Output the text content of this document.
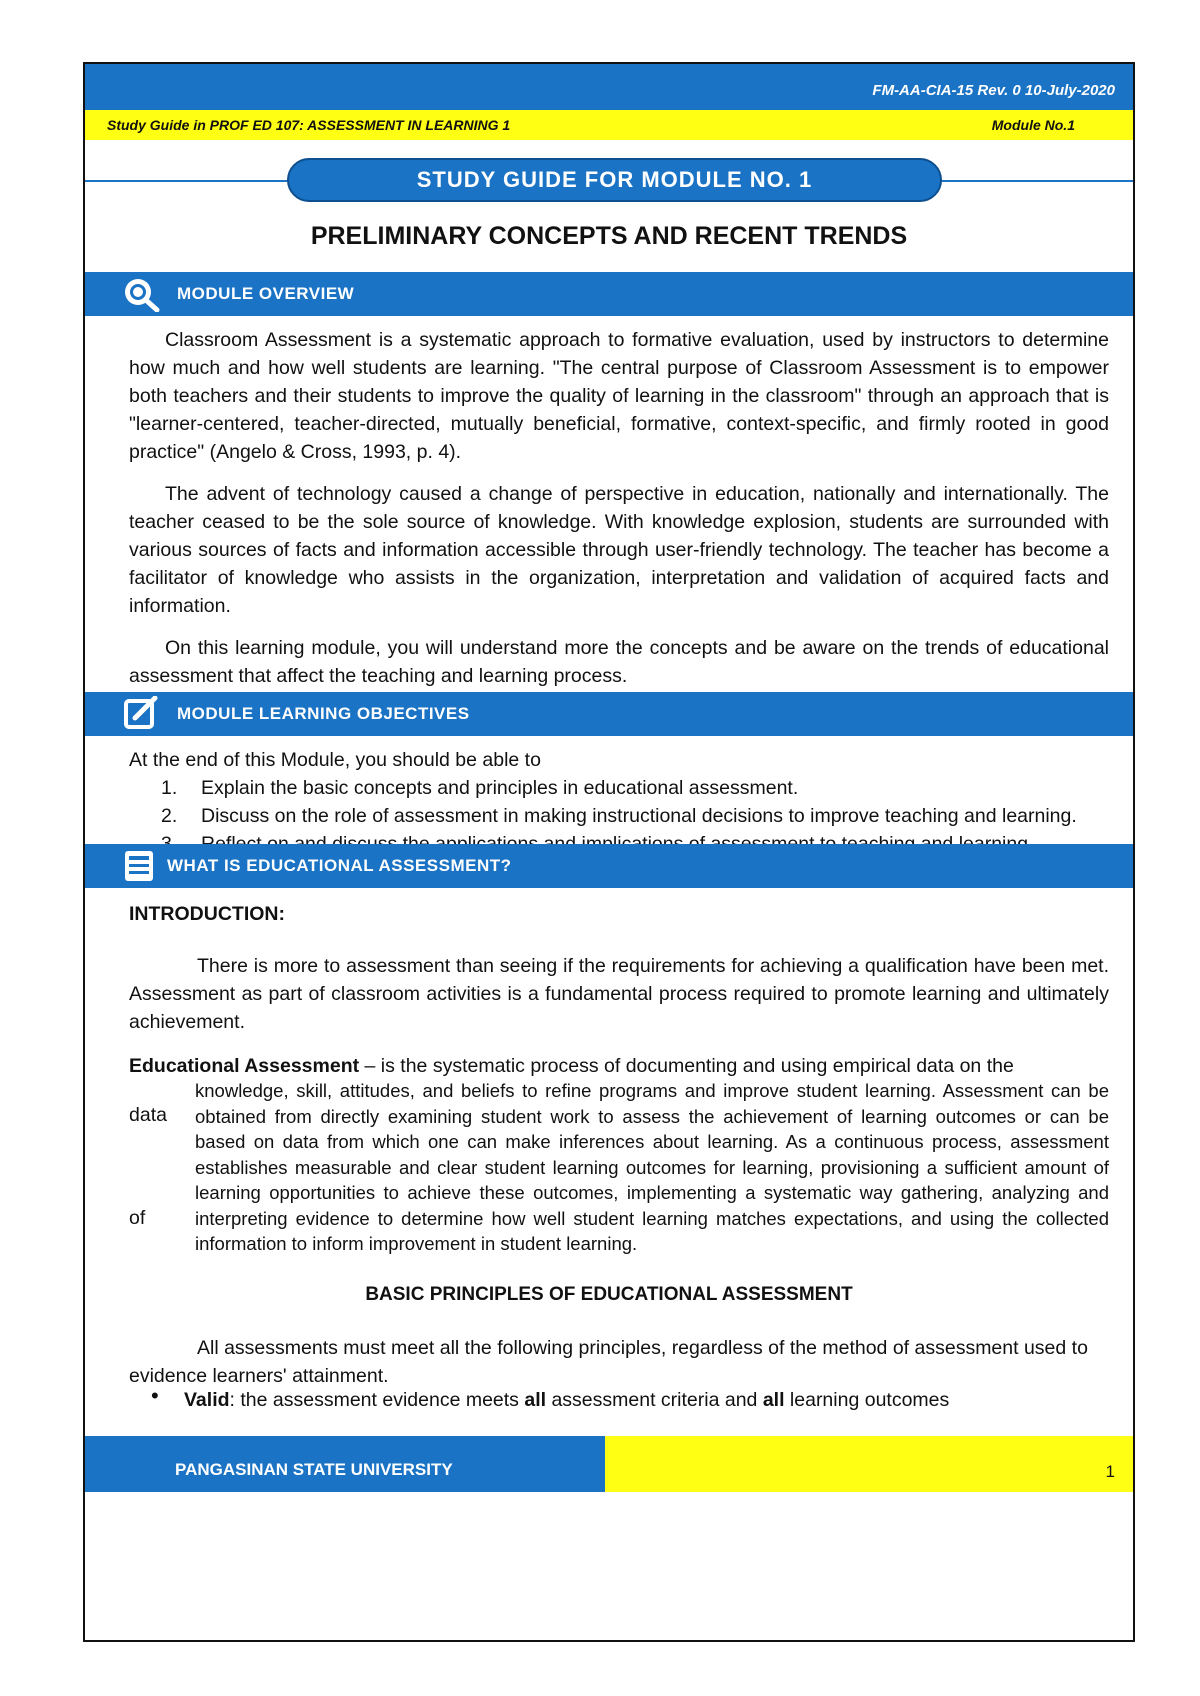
FM-AA-CIA-15 Rev. 0 10-July-2020
Study Guide in PROF ED 107: ASSESSMENT IN LEARNING 1	Module No.1
STUDY GUIDE FOR MODULE NO. 1
PRELIMINARY CONCEPTS AND RECENT TRENDS
MODULE OVERVIEW
Classroom Assessment is a systematic approach to formative evaluation, used by instructors to determine how much and how well students are learning. "The central purpose of Classroom Assessment is to empower both teachers and their students to improve the quality of learning in the classroom" through an approach that is "learner-centered, teacher-directed, mutually beneficial, formative, context-specific, and firmly rooted in good practice" (Angelo & Cross, 1993, p. 4).
The advent of technology caused a change of perspective in education, nationally and internationally. The teacher ceased to be the sole source of knowledge. With knowledge explosion, students are surrounded with various sources of facts and information accessible through user-friendly technology. The teacher has become a facilitator of knowledge who assists in the organization, interpretation and validation of acquired facts and information.
On this learning module, you will understand more the concepts and be aware on the trends of educational assessment that affect the teaching and learning process.
MODULE LEARNING OBJECTIVES
At the end of this Module, you should be able to
1. Explain the basic concepts and principles in educational assessment.
2. Discuss on the role of assessment in making instructional decisions to improve teaching and learning.
WHAT IS EDUCATIONAL ASSESSMENT?
INTRODUCTION:
There is more to assessment than seeing if the requirements for achieving a qualification have been met. Assessment as part of classroom activities is a fundamental process required to promote learning and ultimately achievement.
Educational Assessment – is the systematic process of documenting and using empirical data on the
knowledge, skill, attitudes, and beliefs to refine programs and improve student learning. Assessment can be obtained from directly examining student work to assess the achievement of learning outcomes or can be based on data from which one can make inferences about learning. As a continuous process, assessment establishes measurable and clear student learning outcomes for learning, provisioning a sufficient amount of learning opportunities to achieve these outcomes, implementing a systematic way gathering, analyzing and interpreting evidence to determine how well student learning matches expectations, and using the collected information to inform improvement in student learning.
data
of
BASIC PRINCIPLES OF EDUCATIONAL ASSESSMENT
All assessments must meet all the following principles, regardless of the method of assessment used to evidence learners' attainment.
• Valid: the assessment evidence meets all assessment criteria and all learning outcomes
PANGASINAN STATE UNIVERSITY	1
